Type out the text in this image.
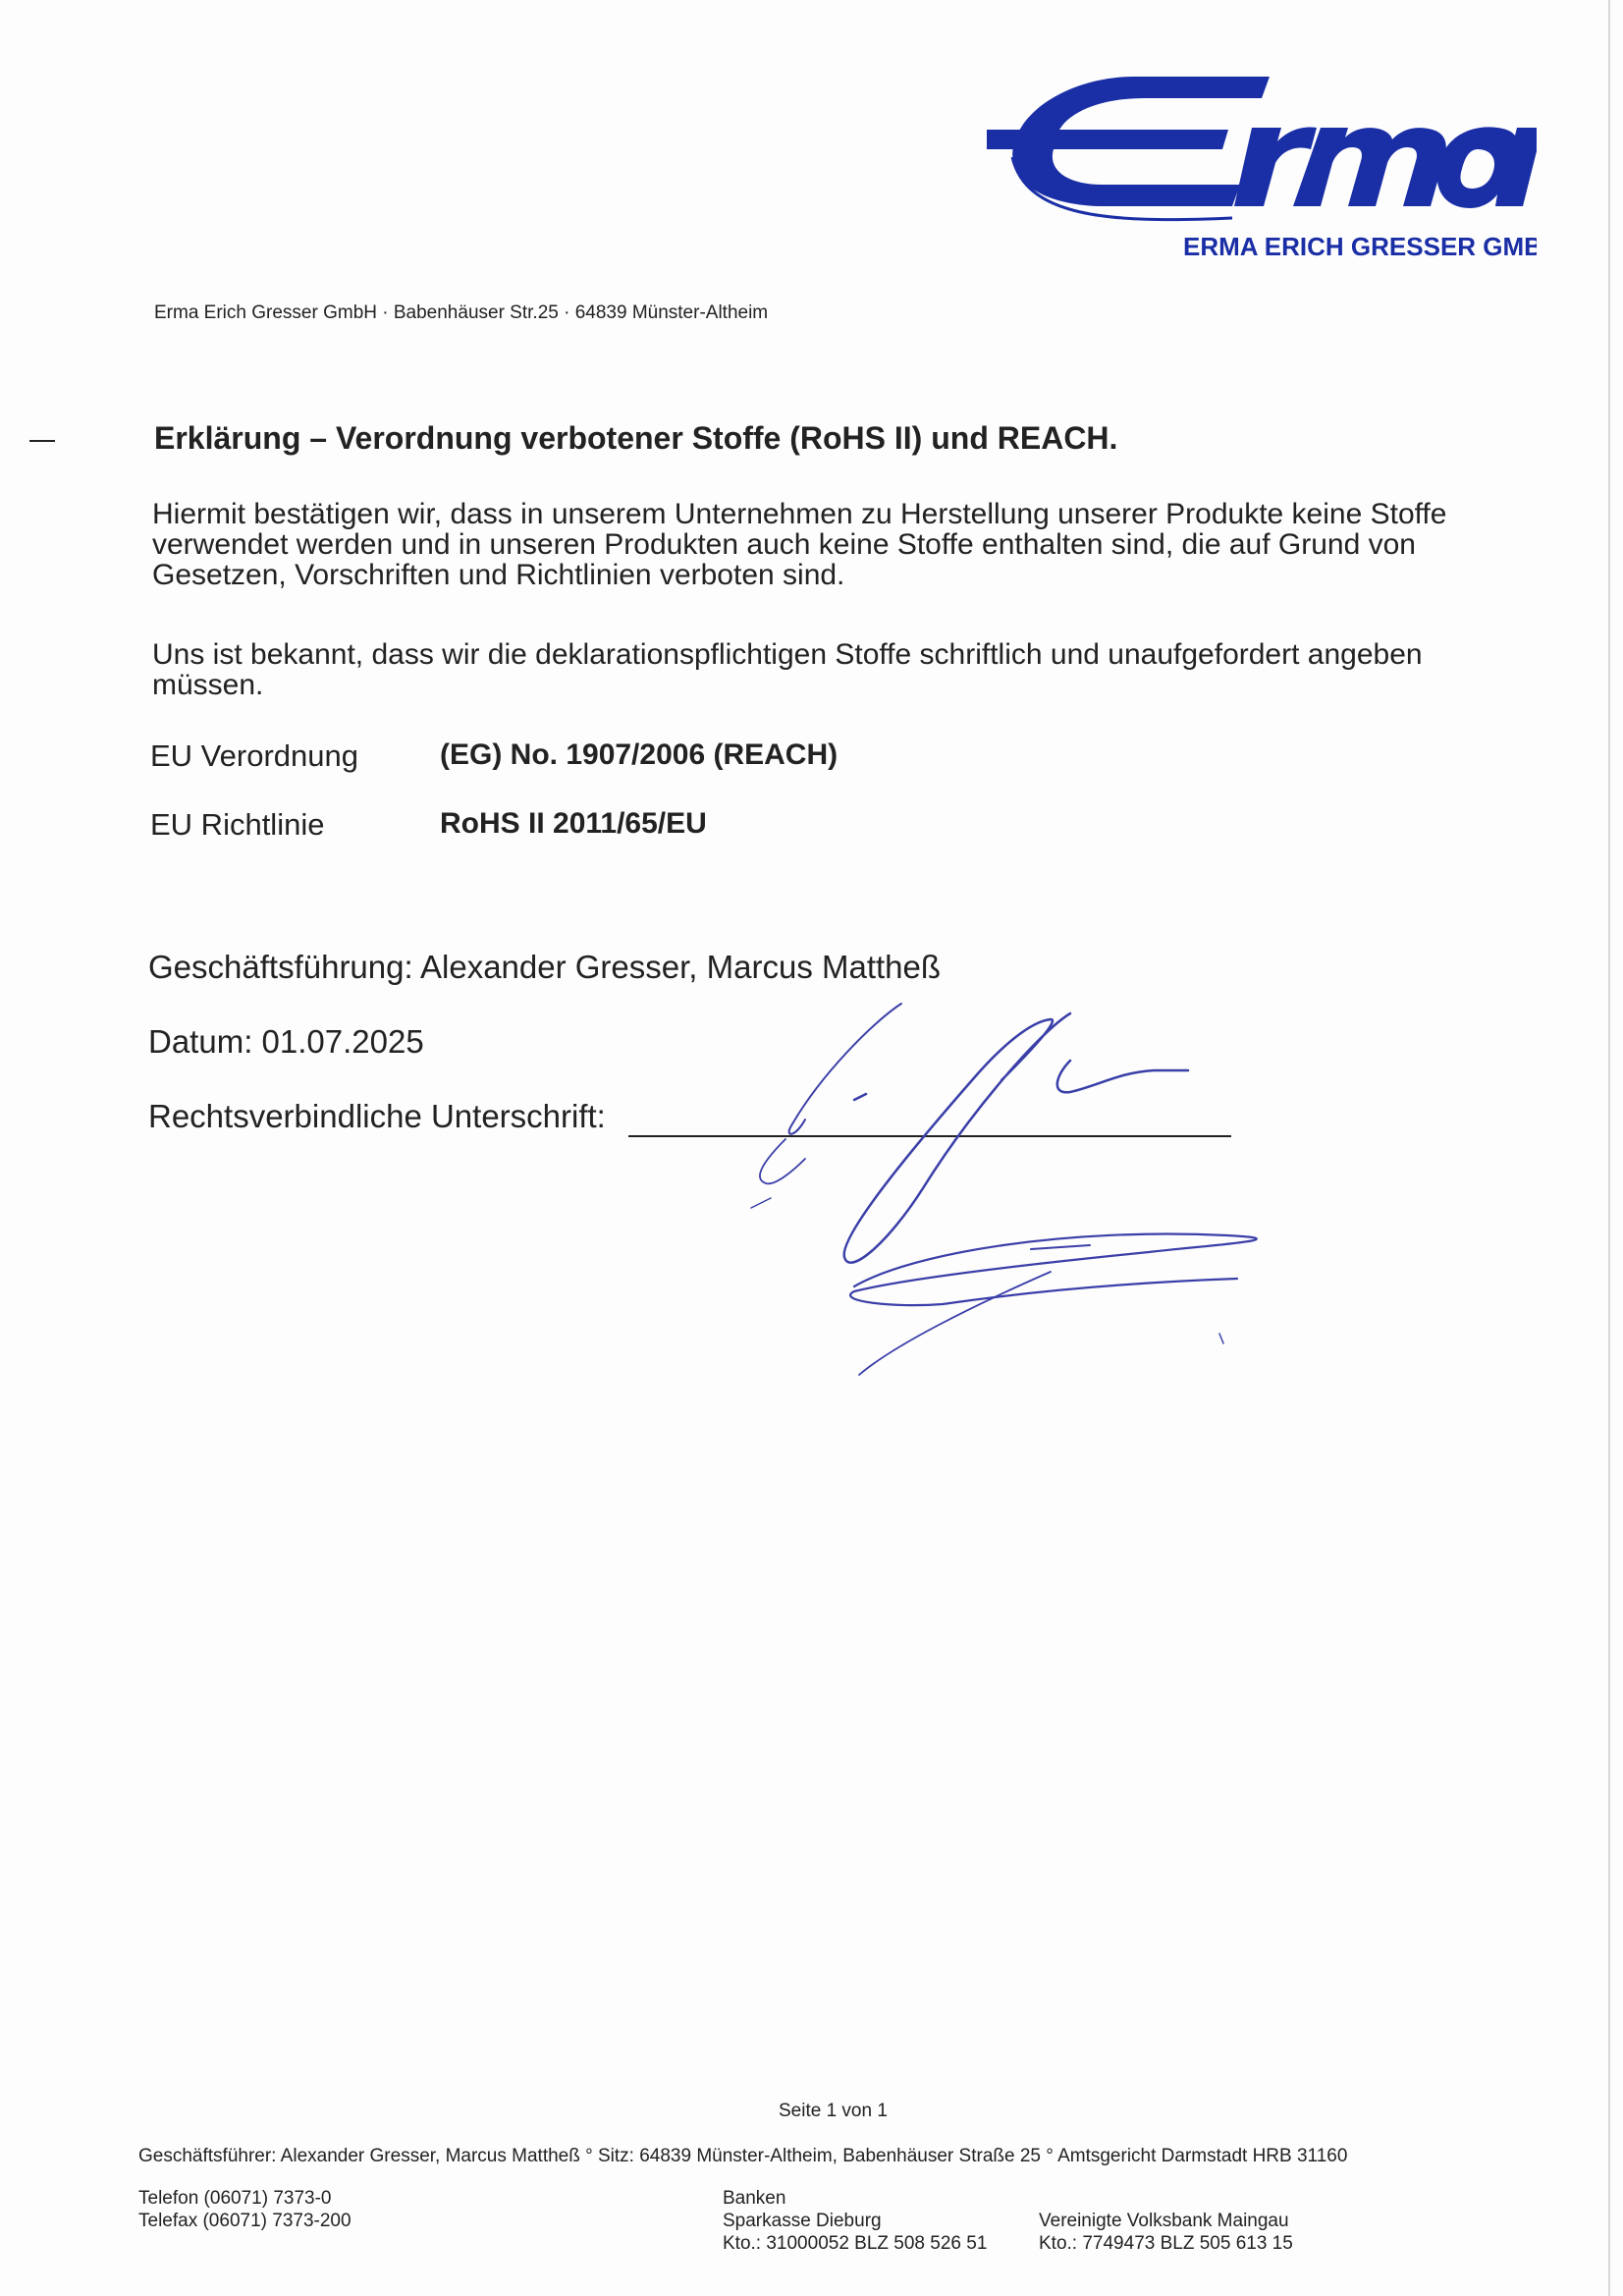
ERMA ERICH GRESSER GMBH
Erma Erich Gresser GmbH · Babenhäuser Str.25 · 64839 Münster-Altheim
Erklärung – Verordnung verbotener Stoffe (RoHS II) und REACH.
Hiermit bestätigen wir, dass in unserem Unternehmen zu Herstellung unserer Produkte keine Stoffe
verwendet werden und in unseren Produkten auch keine Stoffe enthalten sind, die auf Grund von
Gesetzen, Vorschriften und Richtlinien verboten sind.
Uns ist bekannt, dass wir die deklarationspflichtigen Stoffe schriftlich und unaufgefordert angeben
müssen.
EU Verordnung	(EG) No. 1907/2006 (REACH)
EU Richtlinie	RoHS II 2011/65/EU
Geschäftsführung: Alexander Gresser, Marcus Mattheß
Datum: 01.07.2025
Rechtsverbindliche Unterschrift:
Seite 1 von 1
Geschäftsführer: Alexander Gresser, Marcus Mattheß ° Sitz: 64839 Münster-Altheim, Babenhäuser Straße 25 ° Amtsgericht Darmstadt HRB 31160
Telefon (06071) 7373-0
Telefax (06071) 7373-200
Banken
Sparkasse Dieburg
Kto.: 31000052 BLZ 508 526 51
Vereinigte Volksbank Maingau
Kto.: 7749473 BLZ 505 613 15
